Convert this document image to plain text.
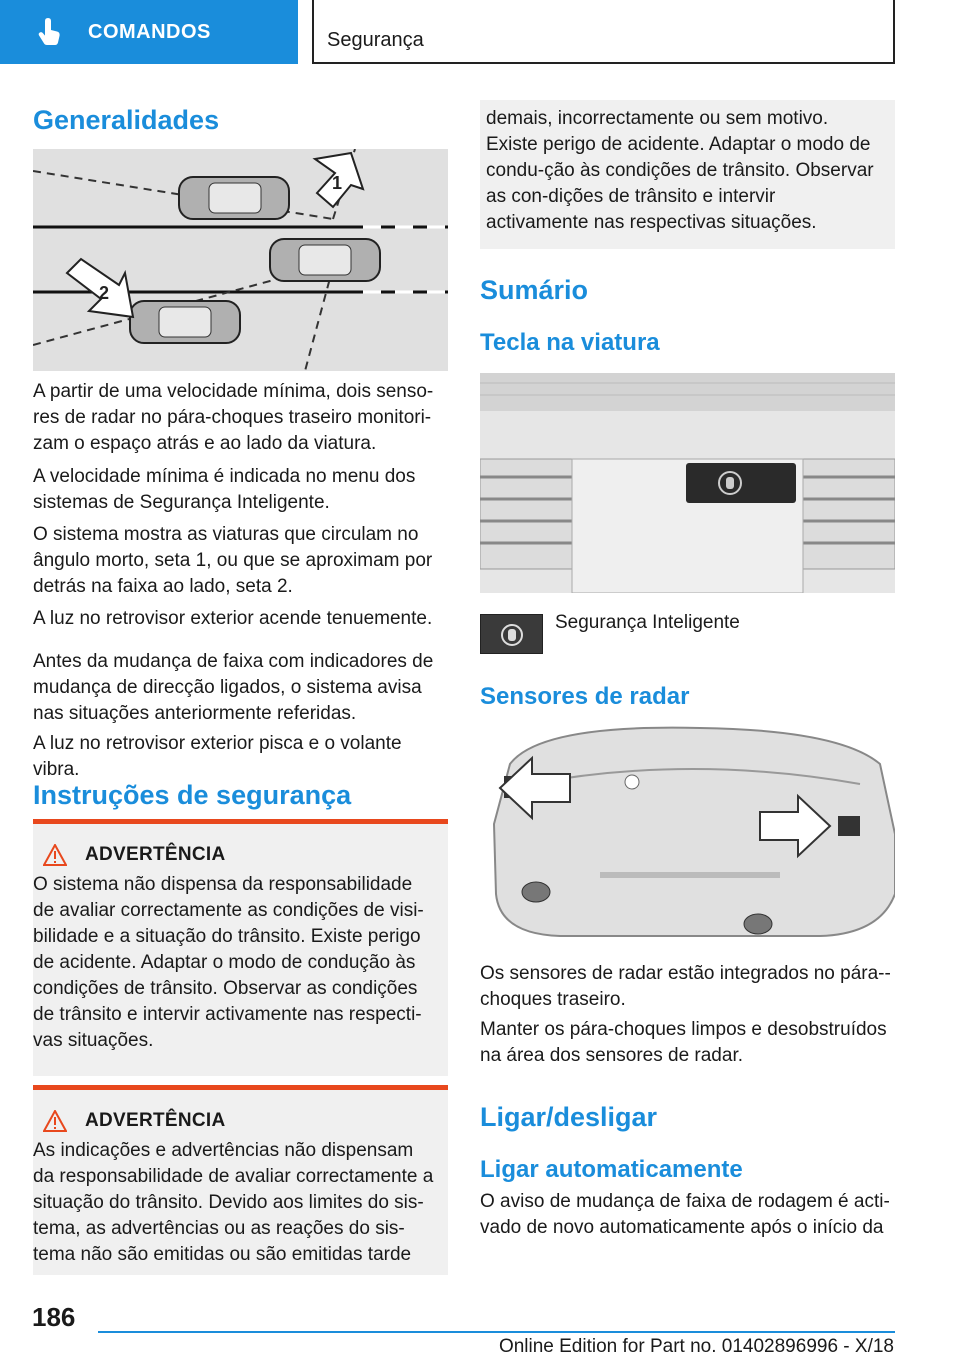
COMANDOS	Segurança
Generalidades
1
2

A partir de uma velocidade mínima, dois senso-res de radar no pára-choques traseiro monitori-zam o espaço atrás e ao lado da viatura.

A velocidade mínima é indicada no menu dos sistemas de Segurança Inteligente.

O sistema mostra as viaturas que circulam no ângulo morto, seta 1, ou que se aproximam por detrás na faixa ao lado, seta 2.

A luz no retrovisor exterior acende tenuemente.

Antes da mudança de faixa com indicadores de mudança de direcção ligados, o sistema avisa nas situações anteriormente referidas.

A luz no retrovisor exterior pisca e o volante vibra.

Instruções de segurança
ADVERTÊNCIA

O sistema não dispensa da responsabilidade de avaliar correctamente as condições de visi-bilidade e a situação do trânsito. Existe perigo de acidente. Adaptar o modo de condução às condições de trânsito. Observar as condições de trânsito e intervir activamente nas respecti-vas situações.

ADVERTÊNCIA

As indicações e advertências não dispensam da responsabilidade de avaliar correctamente a situação do trânsito. Devido aos limites do sis-tema, as advertências ou as reações do sis-tema não são emitidas ou são emitidas tarde

demais, incorrectamente ou sem motivo. Existe perigo de acidente. Adaptar o modo de condu-ção às condições de trânsito. Observar as con-dições de trânsito e intervir activamente nas respectivas situações.

Sumário
Tecla na viatura

Segurança Inteligente

Sensores de radar

Os sensores de radar estão integrados no pára--choques traseiro.

Manter os pára-choques limpos e desobstruídos na área dos sensores de radar.

Ligar/desligar
Ligar automaticamente

O aviso de mudança de faixa de rodagem é acti-vado de novo automaticamente após o início da

186
Online Edition for Part no. 01402896996 - X/18
